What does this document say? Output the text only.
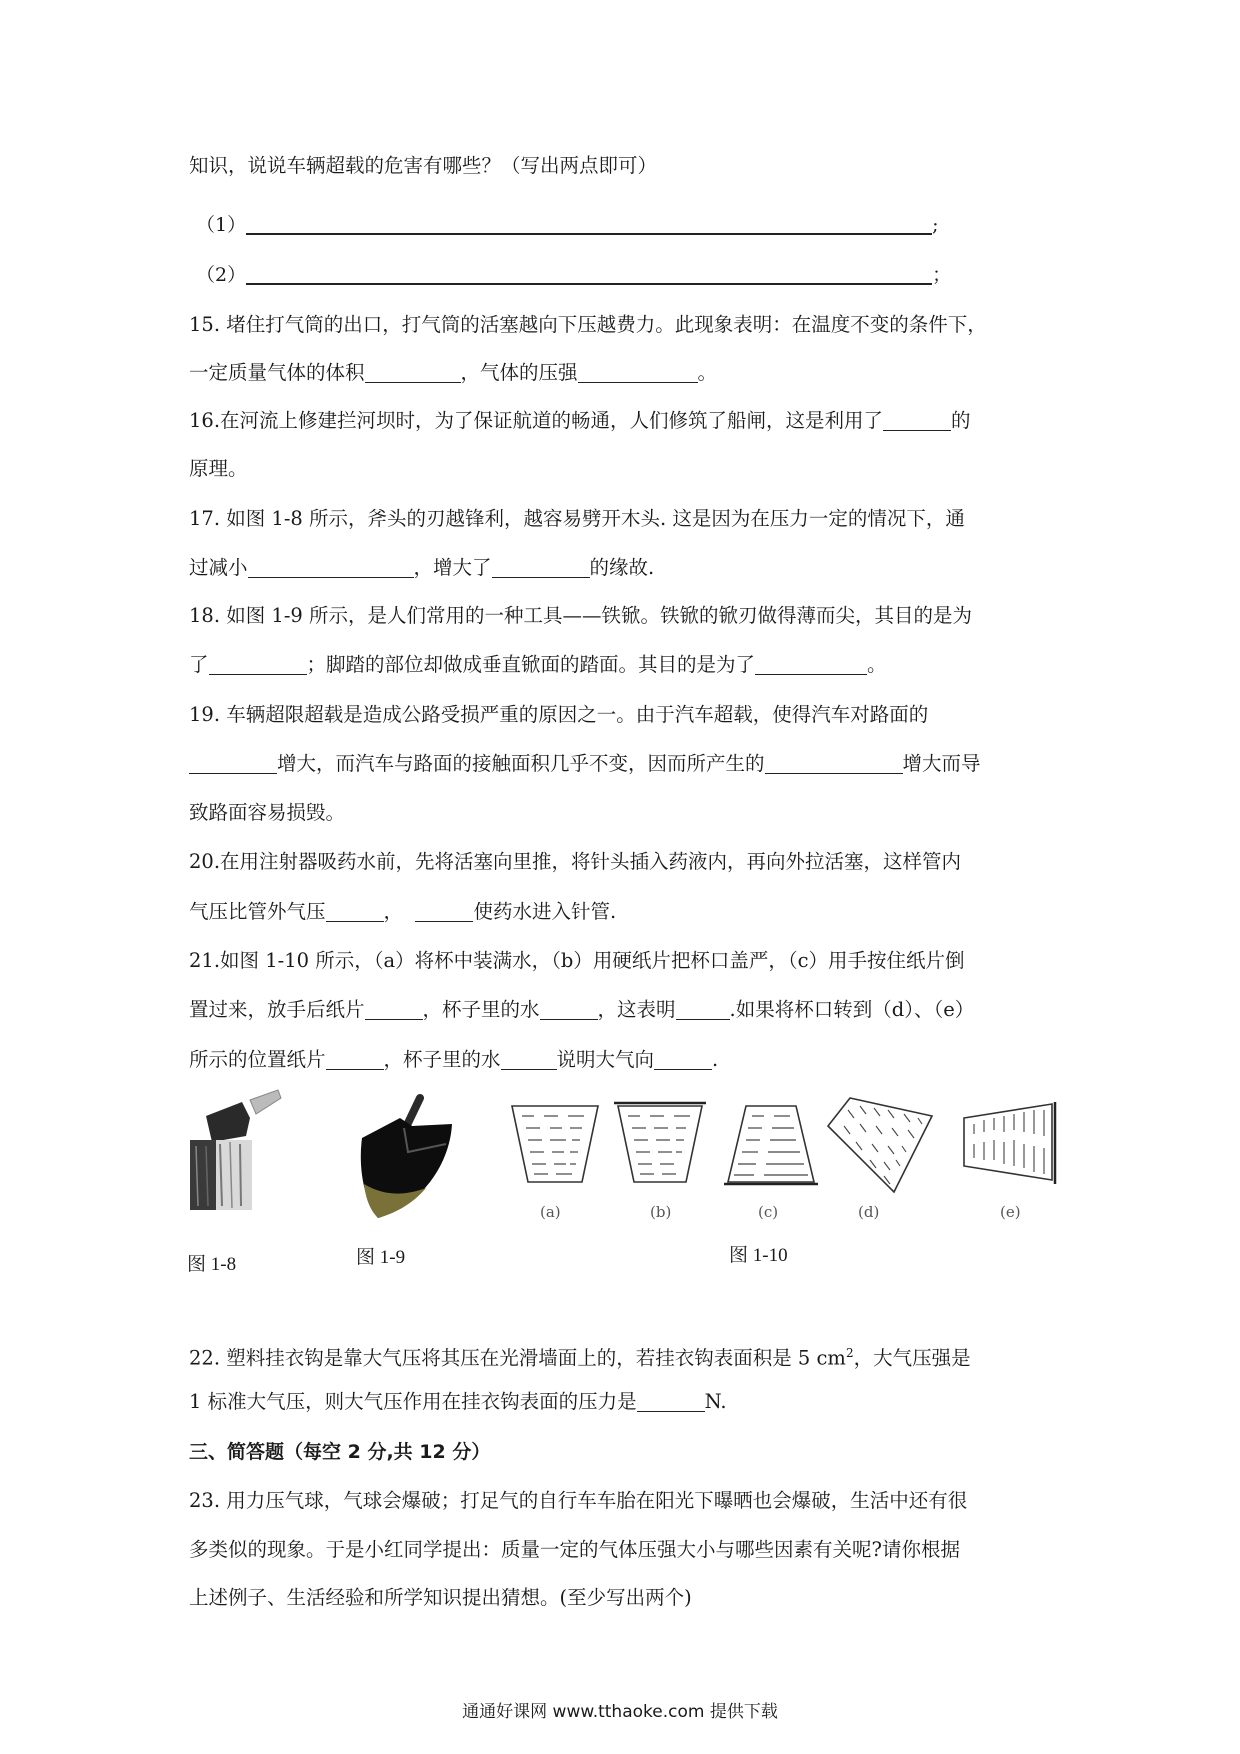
知识，说说车辆超载的危害有哪些？（写出两点即可）
（1）	;
（2）	；
15. 堵住打气筒的出口，打气筒的活塞越向下压越费力。此现象表明：在温度不变的条件下，
一定质量气体的体积	，气体的压强	。
16.在河流上修建拦河坝时，为了保证航道的畅通，人们修筑了船闸，这是利用了	的
原理。
17. 如图 1-8 所示，斧头的刃越锋利，越容易劈开木头. 这是因为在压力一定的情况下，通
过减小	，增大了	的缘故.
18. 如图 1-9 所示，是人们常用的一种工具——铁锨。铁锨的锨刃做得薄而尖，其目的是为
了	；脚踏的部位却做成垂直锨面的踏面。其目的是为了	。
19. 车辆超限超载是造成公路受损严重的原因之一。由于汽车超载，使得汽车对路面的
增大，而汽车与路面的接触面积几乎不变，因而所产生的	增大而导
致路面容易损毁。
20.在用注射器吸药水前，先将活塞向里推，将针头插入药液内，再向外拉活塞，这样管内
气压比管外气压	，	使药水进入针管.
21.如图 1-10 所示，（a）将杯中装满水，（b）用硬纸片把杯口盖严，（c）用手按住纸片倒
置过来，放手后纸片	，杯子里的水	，这表明	.如果将杯口转到（d）、（e）
所示的位置纸片	，杯子里的水	说明大气向	.
(a)	(b)	(c)	(d)	(e)
图 1-8	图 1-9	图 1-10
22. 塑料挂衣钩是靠大气压将其压在光滑墙面上的，若挂衣钩表面积是 5 $cm^2$，大气压强是
1 标准大气压，则大气压作用在挂衣钩表面的压力是	N.
三、简答题（每空 2 分,共 12 分）
23. 用力压气球，气球会爆破；打足气的自行车车胎在阳光下曝晒也会爆破，生活中还有很
多类似的现象。于是小红同学提出：质量一定的气体压强大小与哪些因素有关呢?请你根据
上述例子、生活经验和所学知识提出猜想。(至少写出两个)
通通好课网 www.tthaoke.com 提供下载
